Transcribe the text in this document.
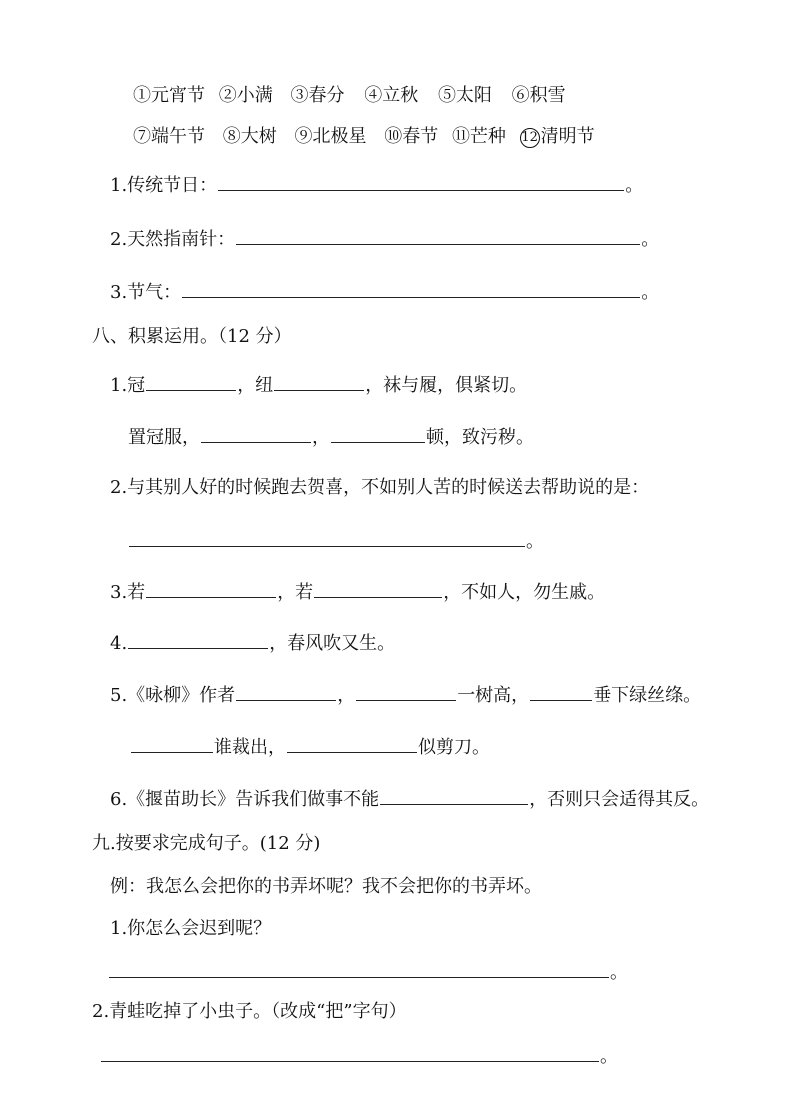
①元宵节 ②小满 ③春分 ④立秋 ⑤太阳 ⑥积雪
⑦端午节 ⑧大树 ⑨北极星 ⑩春节 ⑪芒种 12 清明节
1.传统节日：	。
2.天然指南针：	。
3.节气：	。
八、积累运用。（12 分）
1.冠	，纽	，袜与履，俱紧切。
置冠服，	，	顿，致污秽。
2.与其别人好的时候跑去贺喜，不如别人苦的时候送去帮助说的是：
。
3.若	，若	，不如人，勿生戚。
4.	，春风吹又生。
5.《咏柳》作者	，	一树高，	垂下绿丝绦。
谁裁出，	似剪刀。
6.《揠苗助长》告诉我们做事不能	，否则只会适得其反。
九.按要求完成句子。(12 分)
例：我怎么会把你的书弄坏呢？我不会把你的书弄坏。
1.你怎么会迟到呢？
。
2.青蛙吃掉了小虫子。（改成“把”字句）
。
